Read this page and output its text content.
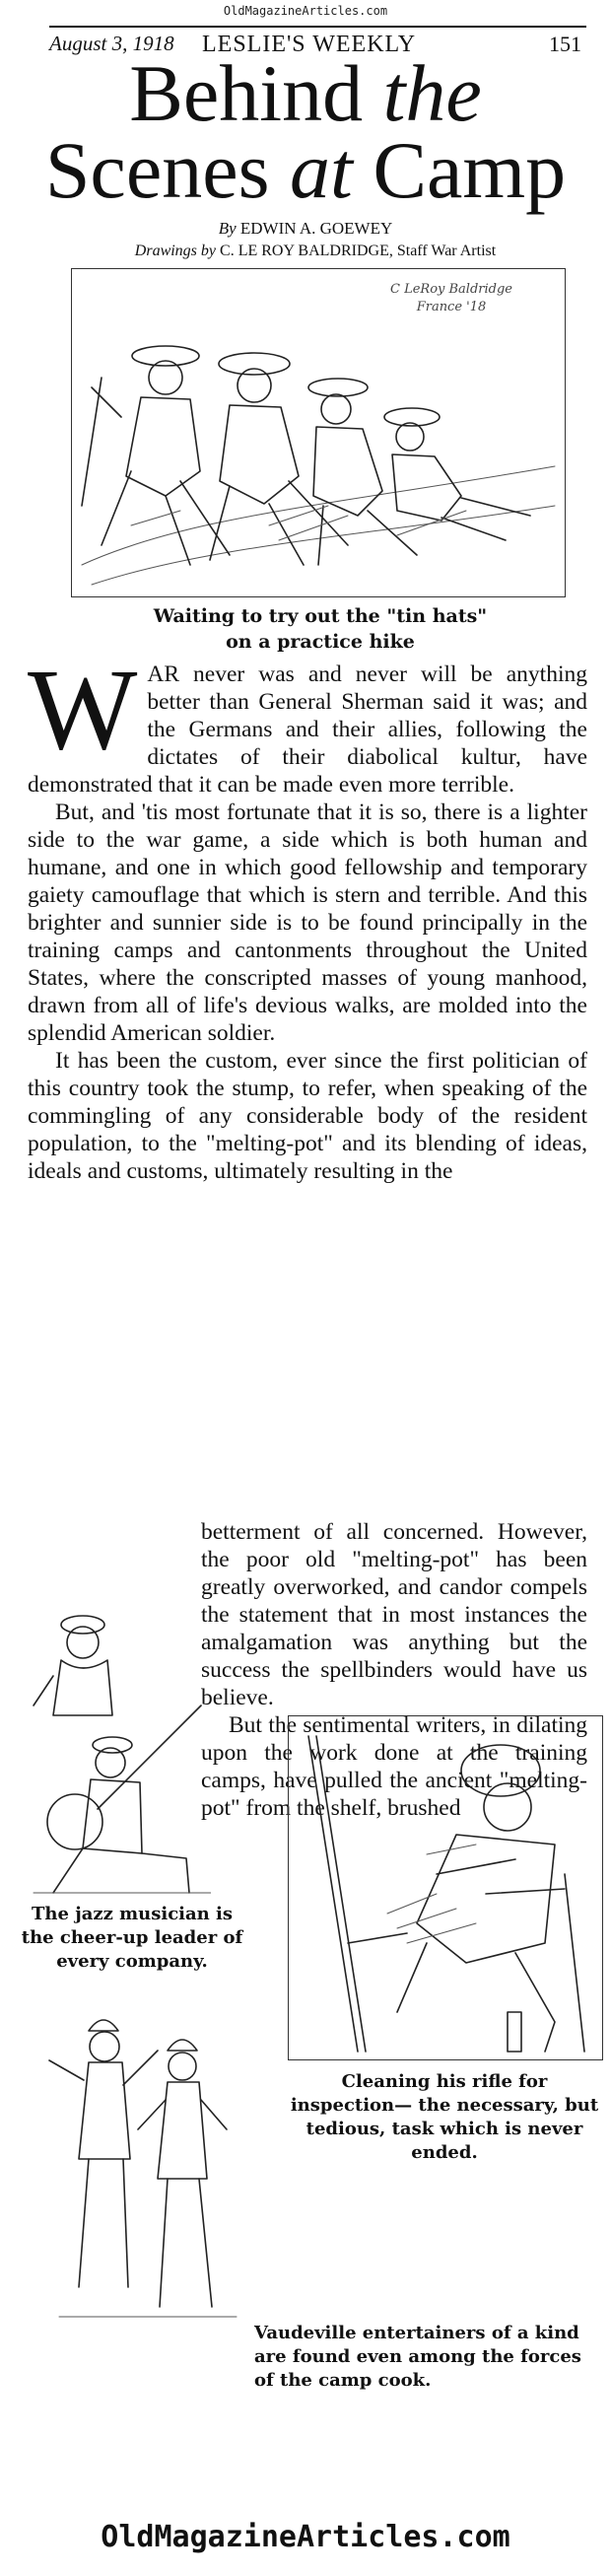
OldMagazineArticles.com
August 3, 1918 LESLIE'S WEEKLY	151
Behind the
Scenes at Camp
By EDWIN A. GOEWEY
Drawings by C. LE ROY BALDRIDGE, Staff War Artist
C LeRoy Baldridge
France '18
Waiting to try out the "tin hats"
on a practice hike

WAR never was and never will be anything better than General Sherman said it was; and the Germans and their allies, following the dictates of their diabolical kultur, have demonstrated that it can be made even more terrible.

But, and 'tis most fortunate that it is so, there is a lighter side to the war game, a side which is both human and humane, and one in which good fellowship and temporary gaiety camouflage that which is stern and terrible. And this brighter and sunnier side is to be found principally in the training camps and cantonments throughout the United States, where the conscripted masses of young manhood, drawn from all of life's devious walks, are molded into the splendid American soldier.

It has been the custom, ever since the first politician of this country took the stump, to refer, when speaking of the commingling of any considerable body of the resident population, to the "melting-pot" and its blending of ideas, ideals and customs, ultimately resulting in the

betterment of all concerned. However, the poor old "melting-pot" has been greatly overworked, and candor compels the statement that in most instances the amalgamation was anything but the success the spellbinders would have us believe.

But the sentimental writers, in dilating upon the work done at the training camps, have pulled the ancient "melting-pot" from the shelf, brushed

The jazz musician is the cheer-up leader of every company.
Cleaning his rifle for inspection— the necessary, but tedious, task which is never ended.
Vaudeville entertainers of a kind are found even among the forces of the camp cook.
OldMagazineArticles.com
